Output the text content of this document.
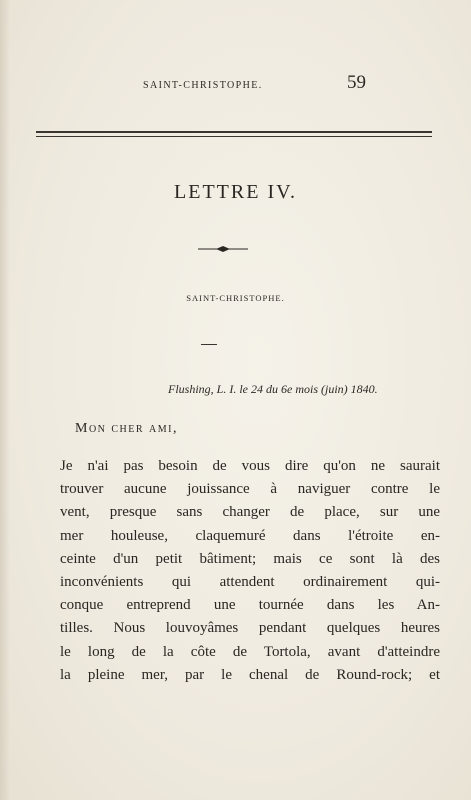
SAINT-CHRISTOPHE.	59
LETTRE IV.
SAINT-CHRISTOPHE.
Flushing, L. I. le 24 du 6e mois (juin) 1840.
Mon cher ami,
Je n'ai pas besoin de vous dire qu'on ne saurait
trouver aucune jouissance à naviguer contre le
vent, presque sans changer de place, sur une
mer houleuse, claquemuré dans l'étroite en-
ceinte d'un petit bâtiment; mais ce sont là des
inconvénients qui attendent ordinairement qui-
conque entreprend une tournée dans les An-
tilles. Nous louvoyâmes pendant quelques heures
le long de la côte de Tortola, avant d'atteindre
la pleine mer, par le chenal de Round-rock; et
